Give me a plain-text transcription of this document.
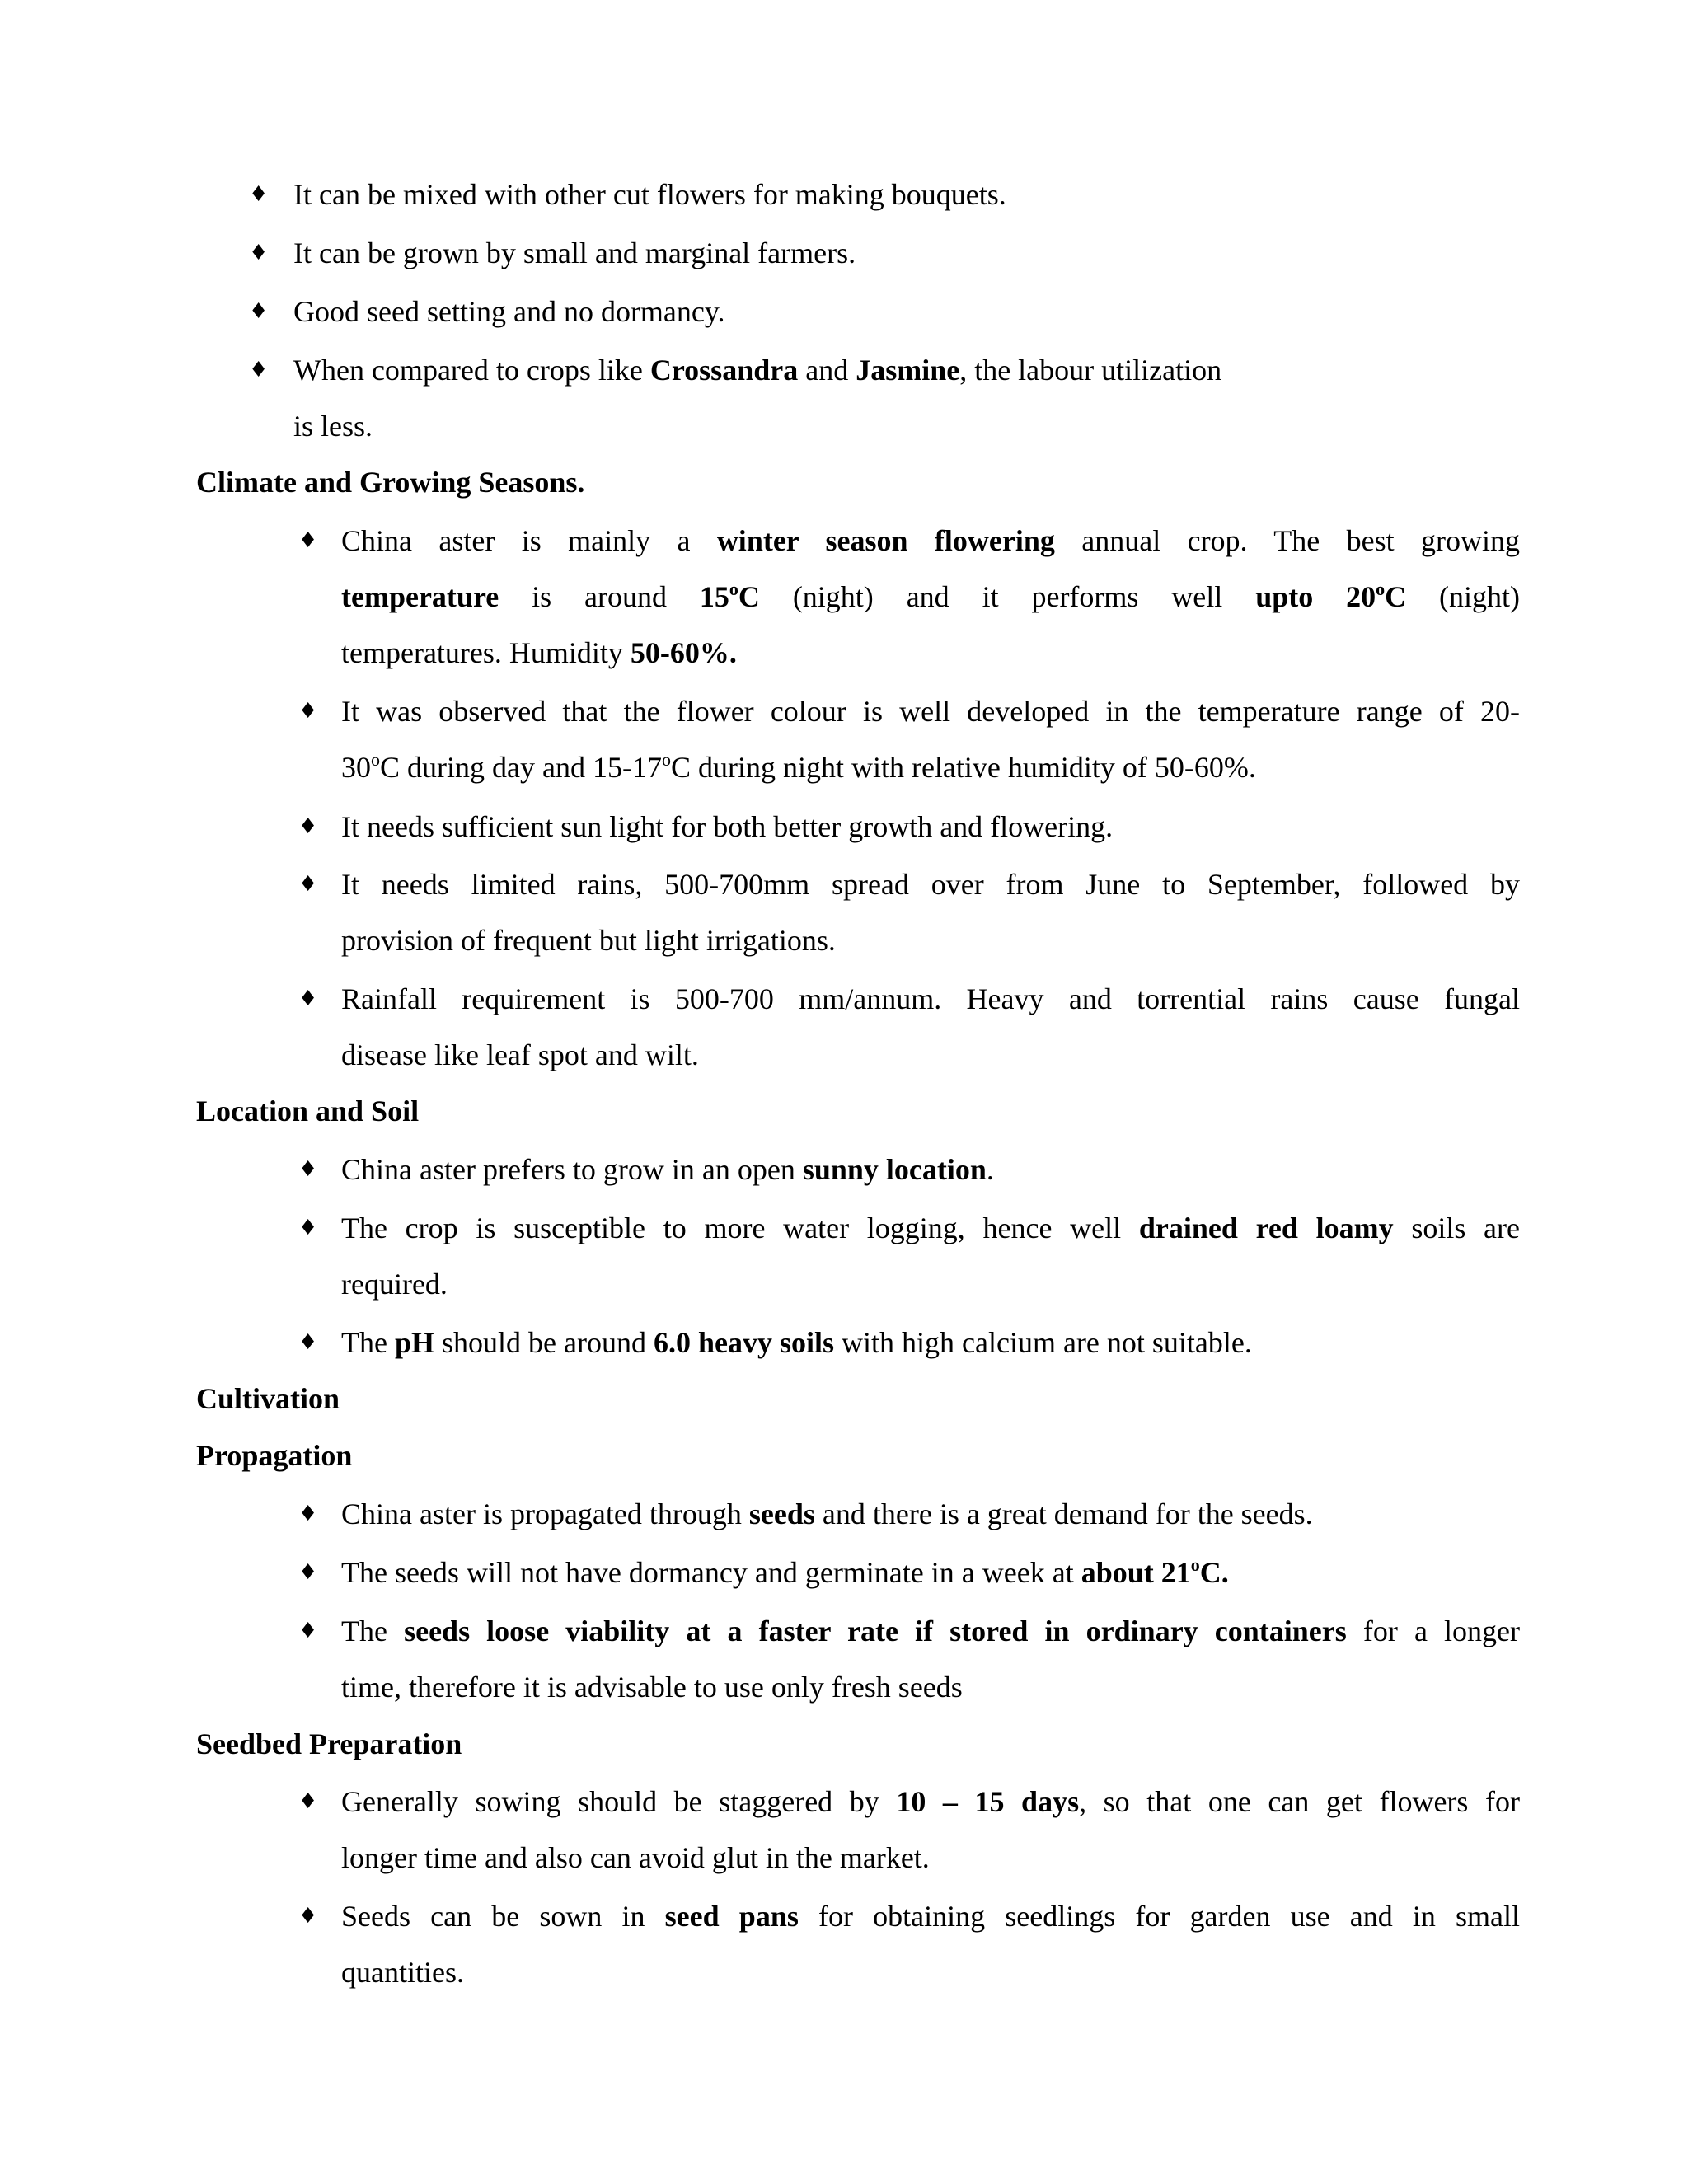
♦ It can be mixed with other cut flowers for making bouquets.
♦ It can be grown by small and marginal farmers.
♦ Good seed setting and no dormancy.
♦ When compared to crops like Crossandra and Jasmine, the labour utilization
is less.
Climate and Growing Seasons.
♦ China aster is mainly a winter season flowering annual crop. The best growing
temperature is around 15$^o$C (night) and it performs well upto 20$^o$C (night)
temperatures. Humidity 50-60%.
♦ It was observed that the flower colour is well developed in the temperature range of 20-
30$^o$C during day and 15-17$^o$C during night with relative humidity of 50-60%.
♦ It needs sufficient sun light for both better growth and flowering.
♦ It needs limited rains, 500-700mm spread over from June to September, followed by
provision of frequent but light irrigations.
♦ Rainfall requirement is 500-700 mm/annum. Heavy and torrential rains cause fungal
disease like leaf spot and wilt.
Location and Soil
♦ China aster prefers to grow in an open sunny location.
♦ The crop is susceptible to more water logging, hence well drained red loamy soils are
required.
♦ The pH should be around 6.0 heavy soils with high calcium are not suitable.
Cultivation
Propagation
♦ China aster is propagated through seeds and there is a great demand for the seeds.
♦ The seeds will not have dormancy and germinate in a week at about 21$^o$C.
♦ The seeds loose viability at a faster rate if stored in ordinary containers for a longer
time, therefore it is advisable to use only fresh seeds
Seedbed Preparation
♦ Generally sowing should be staggered by 10 – 15 days, so that one can get flowers for
longer time and also can avoid glut in the market.
♦ Seeds can be sown in seed pans for obtaining seedlings for garden use and in small
quantities.
